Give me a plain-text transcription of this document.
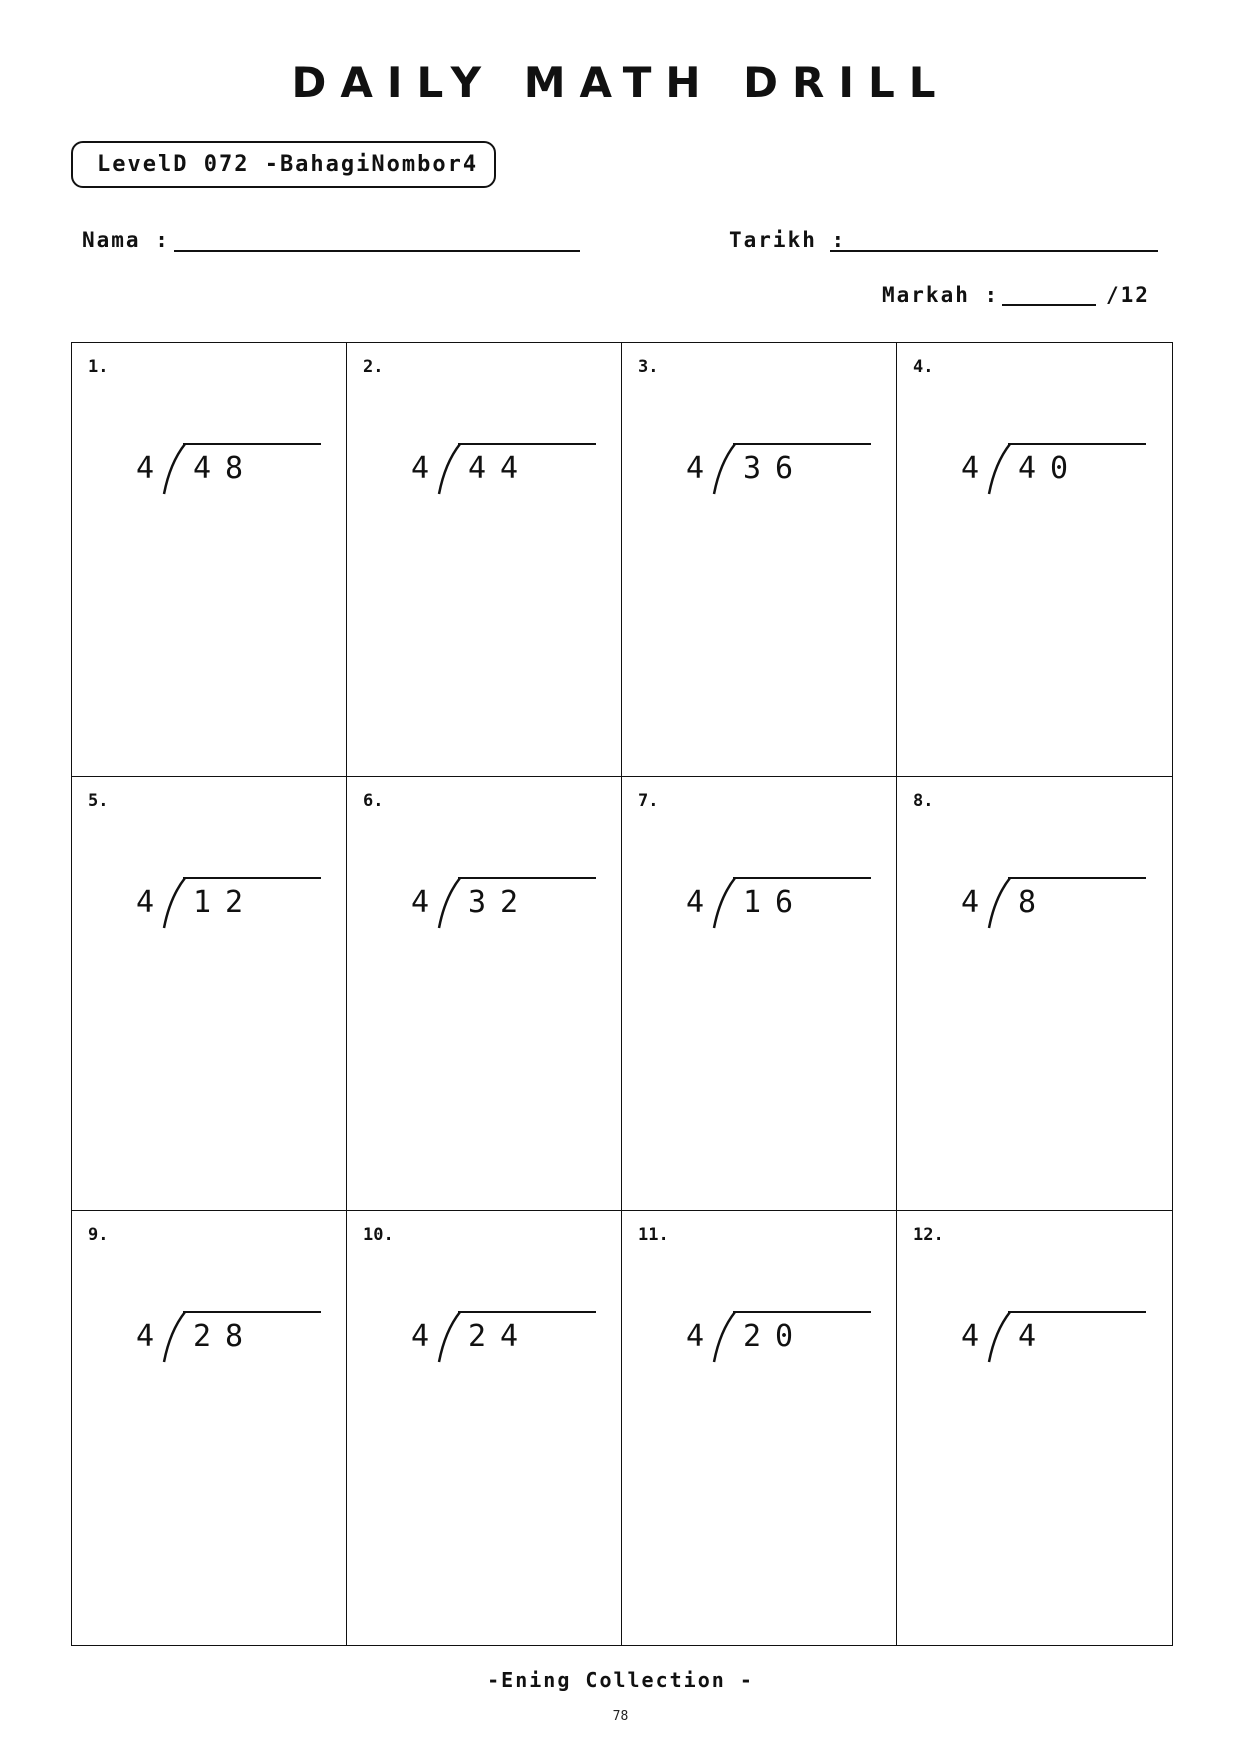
DAILY MATH DRILL
LevelD 072 -BahagiNombor4
Nama :	Tarikh :
Markah :	/12
1.
4 48
2.
4 44
3.
4 36
4.
4 40
5.
4 12
6.
4 32
7.
4 16
8.
4 8
9.
4 28
10.
4 24
11.
4 20
12.
4 4
-Ening Collection -
78
